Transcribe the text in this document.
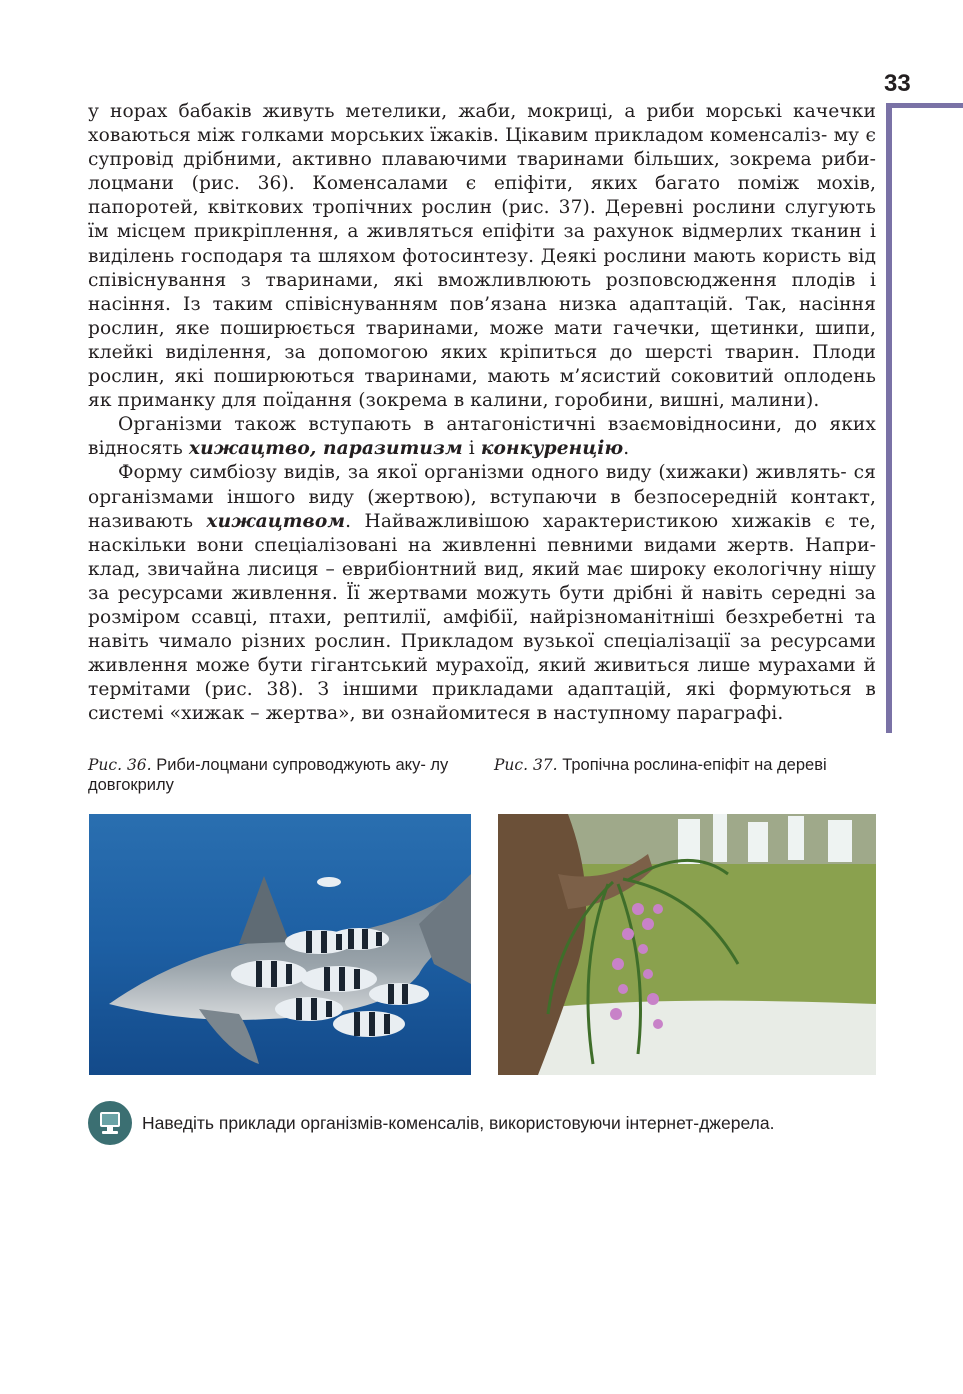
33

у норах бабаків живуть метелики, жаби, мокриці, а риби морські качечки ховаються між голками морських їжаків. Цікавим прикладом коменсаліз- му є супровід дрібними, активно плаваючими тваринами більших, зокрема риби-лоцмани (рис. 36). Коменсалами є епіфіти, яких багато поміж мохів, папоротей, квіткових тропічних рослин (рис. 37). Деревні рослини слугують їм місцем прикріплення, а живляться епіфіти за рахунок відмерлих тканин і виділень господаря та шляхом фотосинтезу. Деякі рослини мають користь від співіснування з тваринами, які вможливлюють розповсюдження плодів і насіння. Із таким співіснуванням пов’язана низка адаптацій. Так, насіння рослин, яке поширюється тваринами, може мати гачечки, щетинки, шипи, клейкі виділення, за допомогою яких кріпиться до шерсті тварин. Плоди рослин, які поширюються тваринами, мають м’ясистий соковитий оплодень як приманку для поїдання (зокрема в калини, горобини, вишні, малини).

Організми також вступають в антагоністичні взаємовідносини, до яких відносять хижацтво, паразитизм і конкуренцію.

Форму симбіозу видів, за якої організми одного виду (хижаки) живлять- ся організмами іншого виду (жертвою), вступаючи в безпосередній контакт, називають хижацтвом. Найважливішою характеристикою хижаків є те, наскільки вони спеціалізовані на живленні певними видами жертв. Напри- клад, звичайна лисиця – еврибіонтний вид, який має широку екологічну нішу за ресурсами живлення. Її жертвами можуть бути дрібні й навіть середні за розміром ссавці, птахи, рептилії, амфібії, найрізноманітніші безхребетні та навіть чимало різних рослин. Прикладом вузької спеціалізації за ресурсами живлення може бути гігантський мурахоїд, який живиться лише мурахами й термітами (рис. 38). З іншими прикладами адаптацій, які формуються в системі «хижак – жертва», ви ознайомитеся в наступному параграфі.

Рис. 36. Риби-лоцмани супроводжують аку- лу довгокрилу
Рис. 37. Тропічна рослина-епіфіт на дереві
Наведіть приклади організмів-коменсалів, використовуючи інтернет-джерела.
